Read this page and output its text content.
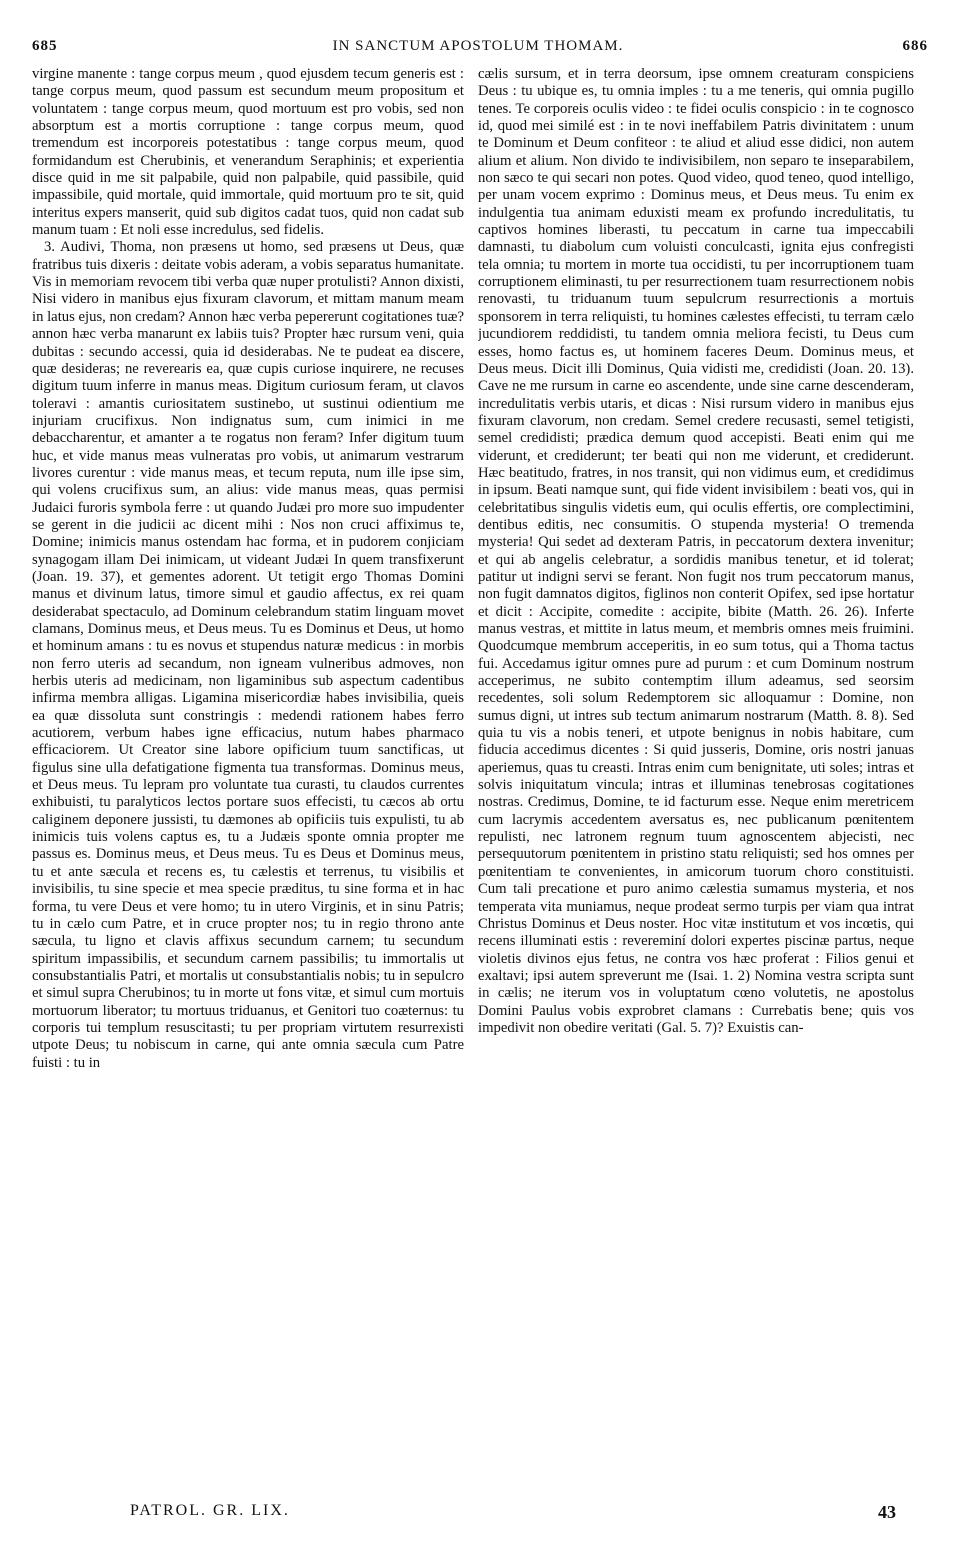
685	IN SANCTUM APOSTOLUM THOMAM.	686

virgine manente : tange corpus meum , quod ejusdem tecum generis est : tange corpus meum, quod passum est secundum meum propositum et voluntatem : tange corpus meum, quod mortuum est pro vobis, sed non absorptum est a mortis corruptione : tange corpus meum, quod tremendum est incorporeis potestatibus : tange corpus meum, quod formidandum est Cherubinis, et venerandum Seraphinis; et experientia disce quid in me sit palpabile, quid non palpabile, quid passibile, quid impassibile, quid mortale, quid immortale, quid mortuum pro te sit, quid interitus expers manserit, quid sub digitos cadat tuos, quid non cadat sub manum tuam : Et noli esse incredulus, sed fidelis.

3. Audivi, Thoma, non præsens ut homo, sed præsens ut Deus, quæ fratribus tuis dixeris : deitate vobis aderam, a vobis separatus humanitate. Vis in memoriam revocem tibi verba quæ nuper protulisti? Annon dixisti, Nisi videro in manibus ejus fixuram clavorum, et mittam manum meam in latus ejus, non credam? Annon hæc verba pepererunt cogitationes tuæ? annon hæc verba manarunt ex labiis tuis? Propter hæc rursum veni, quia dubitas : secundo accessi, quia id desiderabas. Ne te pudeat ea discere, quæ desideras; ne reverearis ea, quæ cupis curiose inquirere, ne recuses digitum tuum inferre in manus meas. Digitum curiosum feram, ut clavos toleravi : amantis curiositatem sustinebo, ut sustinui odientium me injuriam crucifixus. Non indignatus sum, cum inimici in me debaccharentur, et amanter a te rogatus non feram? Infer digitum tuum huc, et vide manus meas vulneratas pro vobis, ut animarum vestrarum livores curentur : vide manus meas, et tecum reputa, num ille ipse sim, qui volens crucifixus sum, an alius: vide manus meas, quas permisi Judaici furoris symbola ferre : ut quando Judæi pro more suo impudenter se gerent in die judicii ac dicent mihi : Nos non cruci affiximus te, Domine; inimicis manus ostendam hac forma, et in pudorem conjiciam synagogam illam Dei inimicam, ut videant Judæi In quem transfixerunt (Joan. 19. 37), et gementes adorent. Ut tetigit ergo Thomas Domini manus et divinum latus, timore simul et gaudio affectus, ex rei quam desiderabat spectaculo, ad Dominum celebrandum statim linguam movet clamans, Dominus meus, et Deus meus. Tu es Dominus et Deus, ut homo et hominum amans : tu es novus et stupendus naturæ medicus : in morbis non ferro uteris ad secandum, non igneam vulneribus admoves, non herbis uteris ad medicinam, non ligaminibus sub aspectum cadentibus infirma membra alligas. Ligamina misericordiæ habes invisibilia, queis ea quæ dissoluta sunt constringis : medendi rationem habes ferro acutiorem, verbum habes igne efficacius, nutum habes pharmaco efficaciorem. Ut Creator sine labore opificium tuum sanctificas, ut figulus sine ulla defatigatione figmenta tua transformas. Dominus meus, et Deus meus. Tu lepram pro voluntate tua curasti, tu claudos currentes exhibuisti, tu paralyticos lectos portare suos effecisti, tu cæcos ab ortu caliginem deponere jussisti, tu dæmones ab opificiis tuis expulisti, tu ab inimicis tuis volens captus es, tu a Judæis sponte omnia propter me passus es. Dominus meus, et Deus meus. Tu es Deus et Dominus meus, tu et ante sæcula et recens es, tu cælestis et terrenus, tu visibilis et invisibilis, tu sine specie et mea specie præditus, tu sine forma et in hac forma, tu vere Deus et vere homo; tu in utero Virginis, et in sinu Patris; tu in cælo cum Patre, et in cruce propter nos; tu in regio throno ante sæcula, tu ligno et clavis affixus secundum carnem; tu secundum spiritum impassibilis, et secundum carnem passibilis; tu immortalis ut consubstantialis Patri, et mortalis ut consubstantialis nobis; tu in sepulcro et simul supra Cherubinos; tu in morte ut fons vitæ, et simul cum mortuis mortuorum liberator; tu mortuus triduanus, et Genitori tuo coæternus: tu corporis tui templum resuscitasti; tu per propriam virtutem resurrexisti utpote Deus; tu nobiscum in carne, qui ante omnia sæcula cum Patre fuisti : tu in

cælis sursum, et in terra deorsum, ipse omnem creaturam conspiciens Deus : tu ubique es, tu omnia imples : tu a me teneris, qui omnia pugillo tenes. Te corporeis oculis video : te fidei oculis conspicio : in te cognosco id, quod mei similé est : in te novi ineffabilem Patris divinitatem : unum te Dominum et Deum confiteor : te aliud et aliud esse didici, non autem alium et alium. Non divido te indivisibilem, non separo te inseparabilem, non sæco te qui secari non potes. Quod video, quod teneo, quod intelligo, per unam vocem exprimo : Dominus meus, et Deus meus. Tu enim ex indulgentia tua animam eduxisti meam ex profundo incredulitatis, tu captivos homines liberasti, tu peccatum in carne tua impeccabili damnasti, tu diabolum cum voluisti conculcasti, ignita ejus confregisti tela omnia; tu mortem in morte tua occidisti, tu per incorruptionem tuam corruptionem eliminasti, tu per resurrectionem tuam resurrectionem nobis renovasti, tu triduanum tuum sepulcrum resurrectionis a mortuis sponsorem in terra reliquisti, tu homines cælestes effecisti, tu terram cælo jucundiorem reddidisti, tu tandem omnia meliora fecisti, tu Deus cum esses, homo factus es, ut hominem faceres Deum. Dominus meus, et Deus meus. Dicit illi Dominus, Quia vidisti me, credidisti (Joan. 20. 13). Cave ne me rursum in carne eo ascendente, unde sine carne descenderam, incredulitatis verbis utaris, et dicas : Nisi rursum videro in manibus ejus fixuram clavorum, non credam. Semel credere recusasti, semel tetigisti, semel credidisti; prædica demum quod accepisti. Beati enim qui me viderunt, et crediderunt; ter beati qui non me viderunt, et crediderunt. Hæc beatitudo, fratres, in nos transit, qui non vidimus eum, et credidimus in ipsum. Beati namque sunt, qui fide vident invisibilem : beati vos, qui in celebritatibus singulis videtis eum, qui oculis effertis, ore complectimini, dentibus editis, nec consumitis. O stupenda mysteria! O tremenda mysteria! Qui sedet ad dexteram Patris, in peccatorum dextera invenitur; et qui ab angelis celebratur, a sordidis manibus tenetur, et id tolerat; patitur ut indigni servi se ferant. Non fugit nos trum peccatorum manus, non fugit damnatos digitos, figlinos non conterit Opifex, sed ipse hortatur et dicit : Accipite, comedite : accipite, bibite (Matth. 26. 26). Inferte manus vestras, et mittite in latus meum, et membris omnes meis fruimini. Quodcumque membrum acceperitis, in eo sum totus, qui a Thoma tactus fui. Accedamus igitur omnes pure ad purum : et cum Dominum nostrum acceperimus, ne subito contemptim illum adeamus, sed seorsim recedentes, soli solum Redemptorem sic alloquamur : Domine, non sumus digni, ut intres sub tectum animarum nostrarum (Matth. 8. 8). Sed quia tu vis a nobis teneri, et utpote benignus in nobis habitare, cum fiducia accedimus dicentes : Si quid jusseris, Domine, oris nostri januas aperiemus, quas tu creasti. Intras enim cum benignitate, uti soles; intras et solvis iniquitatum vincula; intras et illuminas tenebrosas cogitationes nostras. Credimus, Domine, te id facturum esse. Neque enim meretricem cum lacrymis accedentem aversatus es, nec publicanum pœnitentem repulisti, nec latronem regnum tuum agnoscentem abjecisti, nec persequutorum pœnitentem in pristino statu reliquisti; sed hos omnes per pœnitentiam te convenientes, in amicorum tuorum choro constituisti. Cum tali precatione et puro animo cælestia sumamus mysteria, et nos temperata vita muniamus, neque prodeat sermo turpis per viam qua intrat Christus Dominus et Deus noster. Hoc vitæ institutum et vos incœtis, qui recens illuminati estis : revereminí dolori expertes piscinæ partus, neque violetis divinos ejus fetus, ne contra vos hæc proferat : Filios genui et exaltavi; ipsi autem spreverunt me (Isai. 1. 2) Nomina vestra scripta sunt in cælis; ne iterum vos in voluptatum cœno volutetis, ne apostolus Domini Paulus vobis exprobret clamans : Currebatis bene; quis vos impedivit non obedire veritati (Gal. 5. 7)? Exuistis can-

PATROL. GR. LIX.	43
